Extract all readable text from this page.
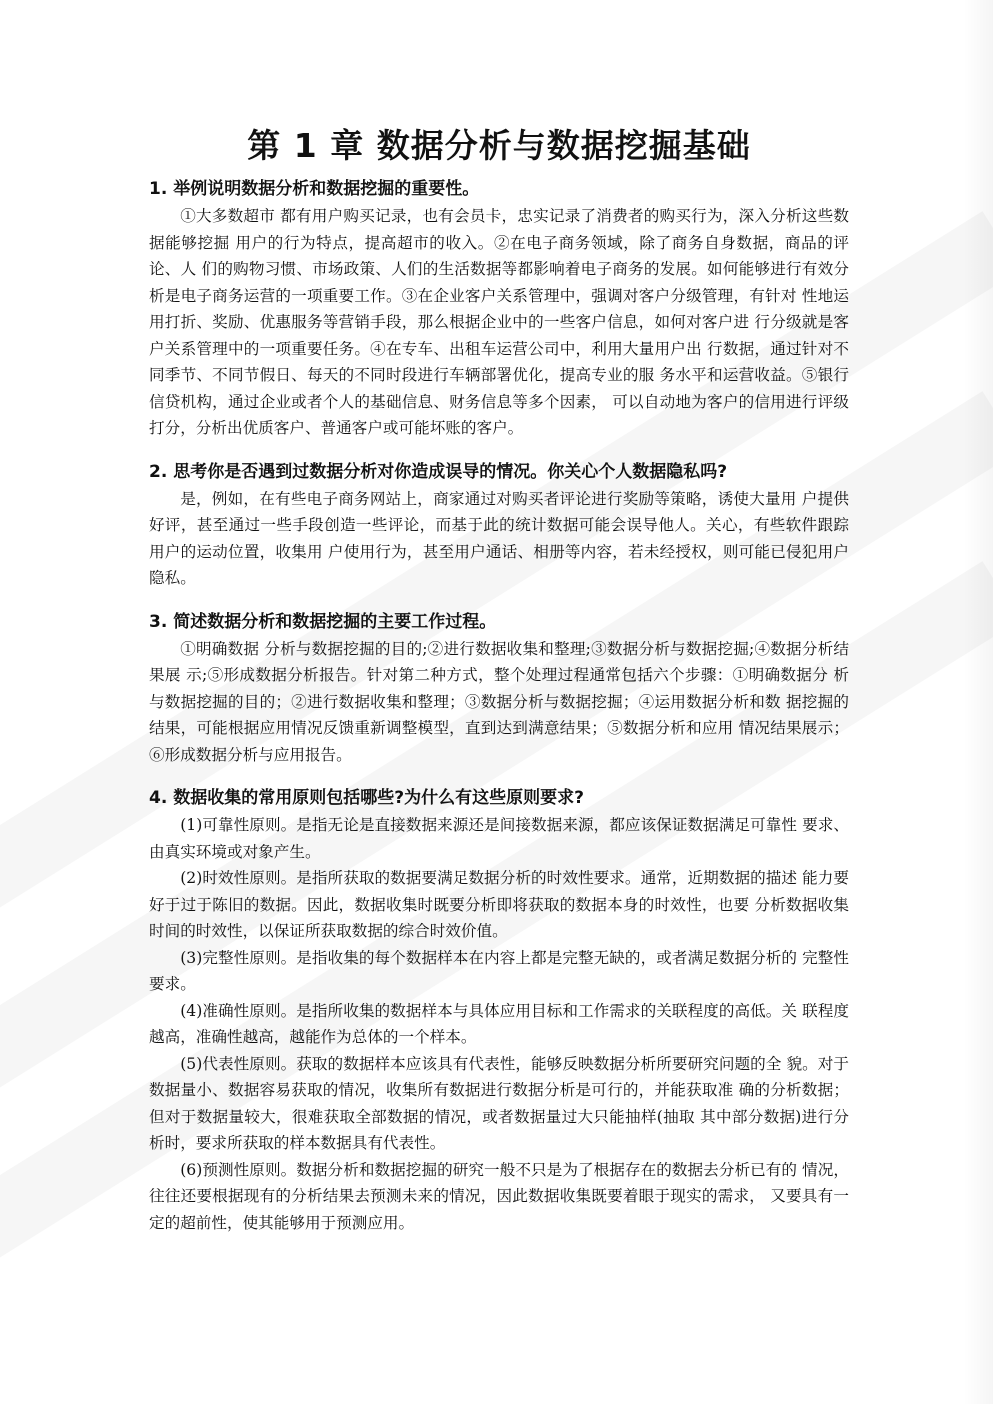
第 1 章 数据分析与数据挖掘基础
1. 举例说明数据分析和数据挖掘的重要性。

①大多数超市 都有用户购买记录，也有会员卡，忠实记录了消费者的购买行为，深入分析这些数据能够挖掘 用户的行为特点，提高超市的收入。②在电子商务领域，除了商务自身数据，商品的评论、人 们的购物习惯、市场政策、人们的生活数据等都影响着电子商务的发展。如何能够进行有效分 析是电子商务运营的一项重要工作。③在企业客户关系管理中，强调对客户分级管理，有针对 性地运用打折、奖励、优惠服务等营销手段，那么根据企业中的一些客户信息，如何对客户进 行分级就是客户关系管理中的一项重要任务。④在专车、出租车运营公司中，利用大量用户出 行数据，通过针对不同季节、不同节假日、每天的不同时段进行车辆部署优化，提高专业的服 务水平和运营收益。⑤银行信贷机构，通过企业或者个人的基础信息、财务信息等多个因素， 可以自动地为客户的信用进行评级打分，分析出优质客户、普通客户或可能坏账的客户。

2. 思考你是否遇到过数据分析对你造成误导的情况。你关心个人数据隐私吗?

是，例如，在有些电子商务网站上，商家通过对购买者评论进行奖励等策略，诱使大量用 户提供好评，甚至通过一些手段创造一些评论，而基于此的统计数据可能会误导他人。关心，有些软件跟踪用户的运动位置，收集用 户使用行为，甚至用户通话、相册等内容，若未经授权，则可能已侵犯用户隐私。

3. 简述数据分析和数据挖掘的主要工作过程。

①明确数据 分析与数据挖掘的目的;②进行数据收集和整理;③数据分析与数据挖掘;④数据分析结果展 示;⑤形成数据分析报告。针对第二种方式，整个处理过程通常包括六个步骤：①明确数据分 析与数据挖掘的目的；②进行数据收集和整理；③数据分析与数据挖掘；④运用数据分析和数 据挖掘的结果，可能根据应用情况反馈重新调整模型，直到达到满意结果；⑤数据分析和应用 情况结果展示；⑥形成数据分析与应用报告。

4. 数据收集的常用原则包括哪些?为什么有这些原则要求?

(1)可靠性原则。是指无论是直接数据来源还是间接数据来源，都应该保证数据满足可靠性 要求、由真实环境或对象产生。

(2)时效性原则。是指所获取的数据要满足数据分析的时效性要求。通常，近期数据的描述 能力要好于过于陈旧的数据。因此，数据收集时既要分析即将获取的数据本身的时效性，也要 分析数据收集时间的时效性，以保证所获取数据的综合时效价值。

(3)完整性原则。是指收集的每个数据样本在内容上都是完整无缺的，或者满足数据分析的 完整性要求。

(4)准确性原则。是指所收集的数据样本与具体应用目标和工作需求的关联程度的高低。关 联程度越高，准确性越高，越能作为总体的一个样本。

(5)代表性原则。获取的数据样本应该具有代表性，能够反映数据分析所要研究问题的全 貌。对于数据量小、数据容易获取的情况，收集所有数据进行数据分析是可行的，并能获取准 确的分析数据；但对于数据量较大，很难获取全部数据的情况，或者数据量过大只能抽样(抽取 其中部分数据)进行分析时，要求所获取的样本数据具有代表性。

(6)预测性原则。数据分析和数据挖掘的研究一般不只是为了根据存在的数据去分析已有的 情况，往往还要根据现有的分析结果去预测未来的情况，因此数据收集既要着眼于现实的需求， 又要具有一定的超前性，使其能够用于预测应用。
